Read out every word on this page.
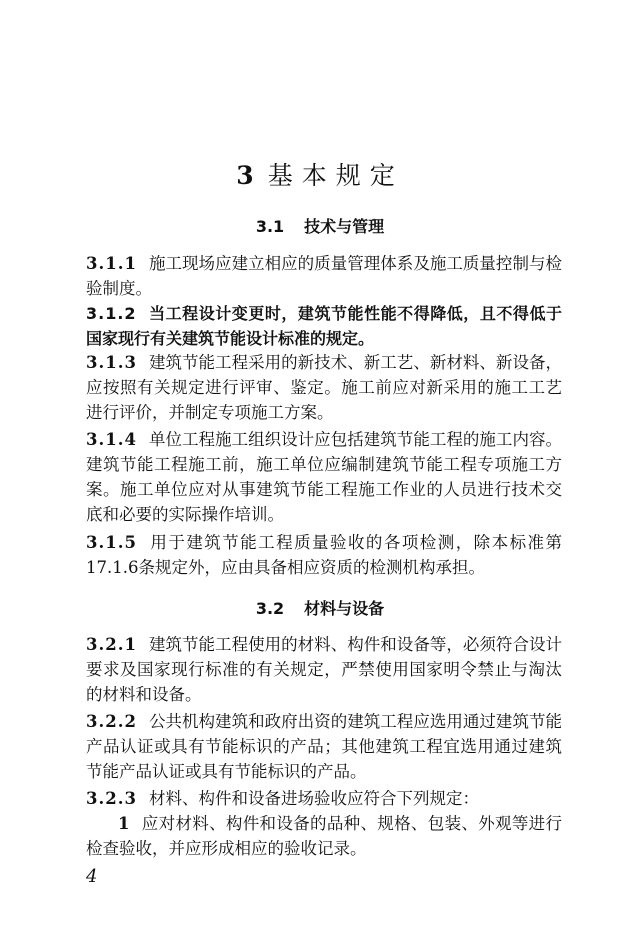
3 基本规定
3.1 技术与管理
3.1.1 施工现场应建立相应的质量管理体系及施工质量控制与检验制度。
3.1.2 当工程设计变更时，建筑节能性能不得降低，且不得低于国家现行有关建筑节能设计标准的规定。
3.1.3 建筑节能工程采用的新技术、新工艺、新材料、新设备，应按照有关规定进行评审、鉴定。施工前应对新采用的施工工艺进行评价，并制定专项施工方案。
3.1.4 单位工程施工组织设计应包括建筑节能工程的施工内容。建筑节能工程施工前，施工单位应编制建筑节能工程专项施工方案。施工单位应对从事建筑节能工程施工作业的人员进行技术交底和必要的实际操作培训。
3.1.5 用于建筑节能工程质量验收的各项检测，除本标准第17.1.6条规定外，应由具备相应资质的检测机构承担。
3.2 材料与设备
3.2.1 建筑节能工程使用的材料、构件和设备等，必须符合设计要求及国家现行标准的有关规定，严禁使用国家明令禁止与淘汰的材料和设备。
3.2.2 公共机构建筑和政府出资的建筑工程应选用通过建筑节能产品认证或具有节能标识的产品；其他建筑工程宜选用通过建筑节能产品认证或具有节能标识的产品。
3.2.3 材料、构件和设备进场验收应符合下列规定：
1 应对材料、构件和设备的品种、规格、包装、外观等进行检查验收，并应形成相应的验收记录。
4
